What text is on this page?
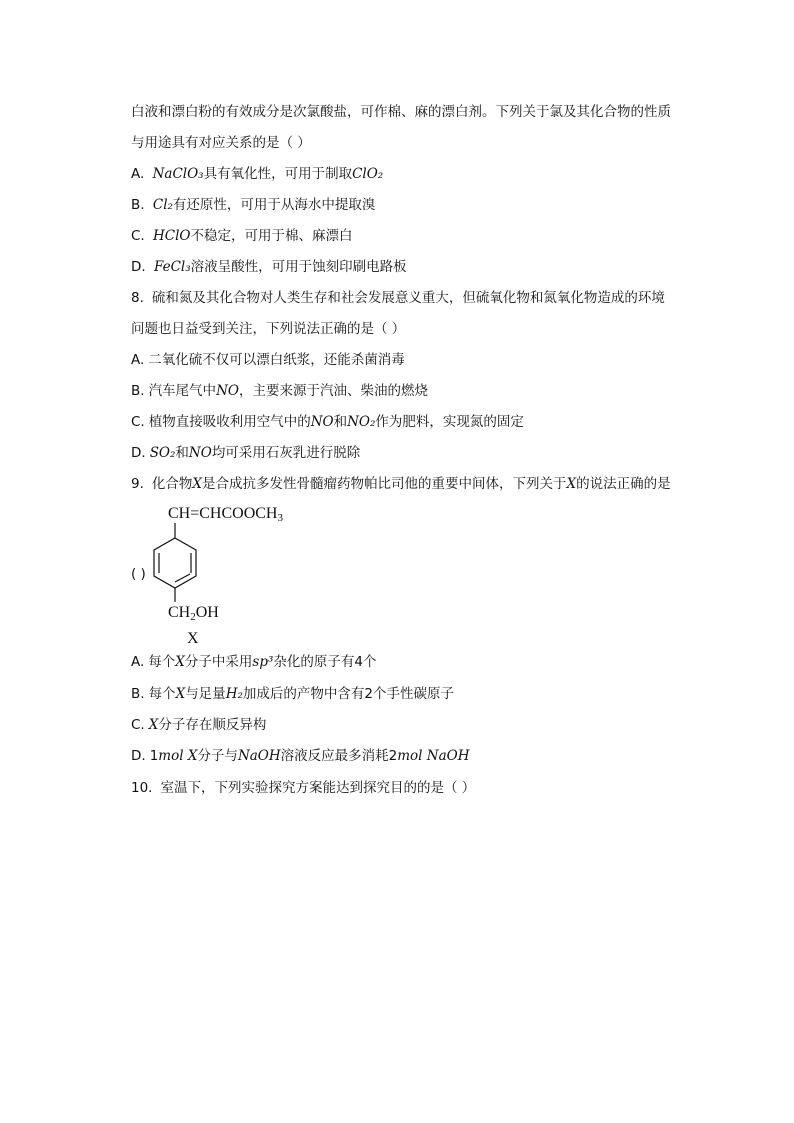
白液和漂白粉的有效成分是次氯酸盐，可作棉、麻的漂白剂。下列关于氯及其化合物的性质
与用途具有对应关系的是（ ）
A. NaClO₃具有氧化性，可用于制取ClO₂
B. Cl₂有还原性，可用于从海水中提取溴
C. HClO不稳定，可用于棉、麻漂白
D. FeCl₃溶液呈酸性，可用于蚀刻印刷电路板
8. 硫和氮及其化合物对人类生存和社会发展意义重大，但硫氧化物和氮氧化物造成的环境
问题也日益受到关注，下列说法正确的是（ ）
A. 二氧化硫不仅可以漂白纸浆，还能杀菌消毒
B. 汽车尾气中NO，主要来源于汽油、柴油的燃烧
C. 植物直接吸收利用空气中的NO和NO₂作为肥料，实现氮的固定
D. SO₂和NO均可采用石灰乳进行脱除
9. 化合物X是合成抗多发性骨髓瘤药物帕比司他的重要中间体，下列关于X的说法正确的是
( )
CH=CHCOOCH3
CH2OH
X
A. 每个X分子中采用sp³杂化的原子有4个
B. 每个X与足量H₂加成后的产物中含有2个手性碳原子
C. X分子存在顺反异构
D. 1mol X分子与NaOH溶液反应最多消耗2mol NaOH
10. 室温下，下列实验探究方案能达到探究目的的是（ ）
